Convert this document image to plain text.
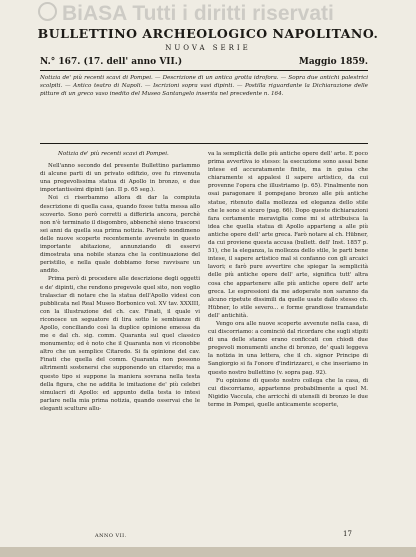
BiASA Tutti i diritti riservati
BULLETTINO ARCHEOLOGICO NAPOLITANO.
NUOVA SERIE
N.° 167. (17. dell' anno VII.)	Maggio 1859.
Notizia de' più recenti scavi di Pompei. — Descrizione di un antica grotta idrofora. — Sopra due antichi palestrici scolpiti. — Antico teatro di Napoli. — Iscrizioni sopra vasi dipinti. — Postilla riguardante la Dichiarazione delle pitture di un greco vaso inedito del Museo Santangelo inserita nel precedente n. 164.

Notizia de' più recenti scavi di Pompei.

Nell'anno secondo del presente Bullettino parlammo di alcune parti di un privato edifizio, ove fu rinvenuta una pregevolissima statua di Apollo in bronzo, e due importantissimi dipinti (an. II p. 65 seg.).

Noi ci riserbammo allora di dar la compiuta descrizione di quella casa, quando fosse tutta messa allo scoverto. Sono però corretti a differirla ancora, perchè non n'è terminato il disgombro, abbenchè sieno trascorsi sei anni da quella sua prima notizia. Parlerò nondimeno delle nuove scoperte recentemente avvenute in questo importante abitazione, annunziando di esservi dimostrata una nobile stanza che la continuazione del peristilio, e nella quale dobbiamo forse ravvisare un andito.

Prima però di procedere alle descrizione degli oggetti e de' dipinti, che rendono pregevole quel sito, non voglio tralasciar di notare che la statua dell'Apollo videsi con pubblicata nel Real Museo Borbonico vol. XV tav. XXXIII, con la illustrazione del ch. cav. Finati, il quale vi riconosce un seguatore di lira sotto le sembianze di Apollo, conciliando così la duplice opinione emessa da me e dal ch. sig. comm. Quaranta sul quel classico monumento; ed è noto che il Quaranta non vi riconobbe altro che un semplice Citaredo. Si fa opinione del cav. Finati che quella del comm. Quaranta non possono altrimenti sostenersi che supponendo un citaredo; ma a questo tipo si suppone la maniera sovrana nella testa della figura, che ne addita le imitazione de' più celebri simulacri di Apollo: ed appunto della testa io intesi parlare nella mia prima notizia, quando osservai che le eleganti sculture allu-

va la semplicità delle più antiche opere dell' arte. E poco prima avvertiva io stesso: la esecuzione sono assai bene intese ed accuratamente finite, ma in guisa che chiaramente si appalesi il sapere artistico, da cui provenne l'opera che illustriamo (p. 65). Finalmente non osai paragonare il pompejano bronzo alle più antiche statue, ritenuto dalla mollezza ed eleganza dello stile che le sono si sicuro (pag. 66). Dopo queste dichiarazioni fara certamente meraviglia come mi si attribuisca la idea che quella statua di Apollo apparteng a alle più antiche opere dell' arte greca. Farò notare al ch. Hübner, da cui proviene questa accusa (bullett. dell' Inst. 1857 p. 51), che la eleganza, la mollezza dello stile, le parti bene intese, il sapere artistico mal si confanno con gli arcaici lavori; e farò pure avvertire che spiegar la semplicità delle più antiche opere dell' arte, significa tutt' altra cosa che appartenere alle più antiche opere dell' arte greca. Le espressioni da me adoperate non saranno da alcuno ripetute dissimili da quelle usate dallo stesso ch. Hübner, lo stile severo... e forme grandiose tramandate dell' antichità.

Vengo ora alle nuove scoperte avvenute nella casa, di cui discorriamo: a cominciò dal ricordare che sugli stipiti di una delle stanze erano conficcati con chiodi due pregevoli monumenti anche di bronzo, de' quali leggeva la notizia in una lettera, che il ch. signor Principe di Sangiorgio si fa l'onore d'indirizzarci, e che inseriamo in questo nostro bullettino (v. sopra pag. 92).

Fu opinione di questo nostro collega che la casa, di cui discorriamo, appartenne probabilmente a quel M. Nigidio Vaccula, che arricchì di utensili di bronzo le due terme in Pompei, quelle anticamente scoperte,

ANNO VII.	17
